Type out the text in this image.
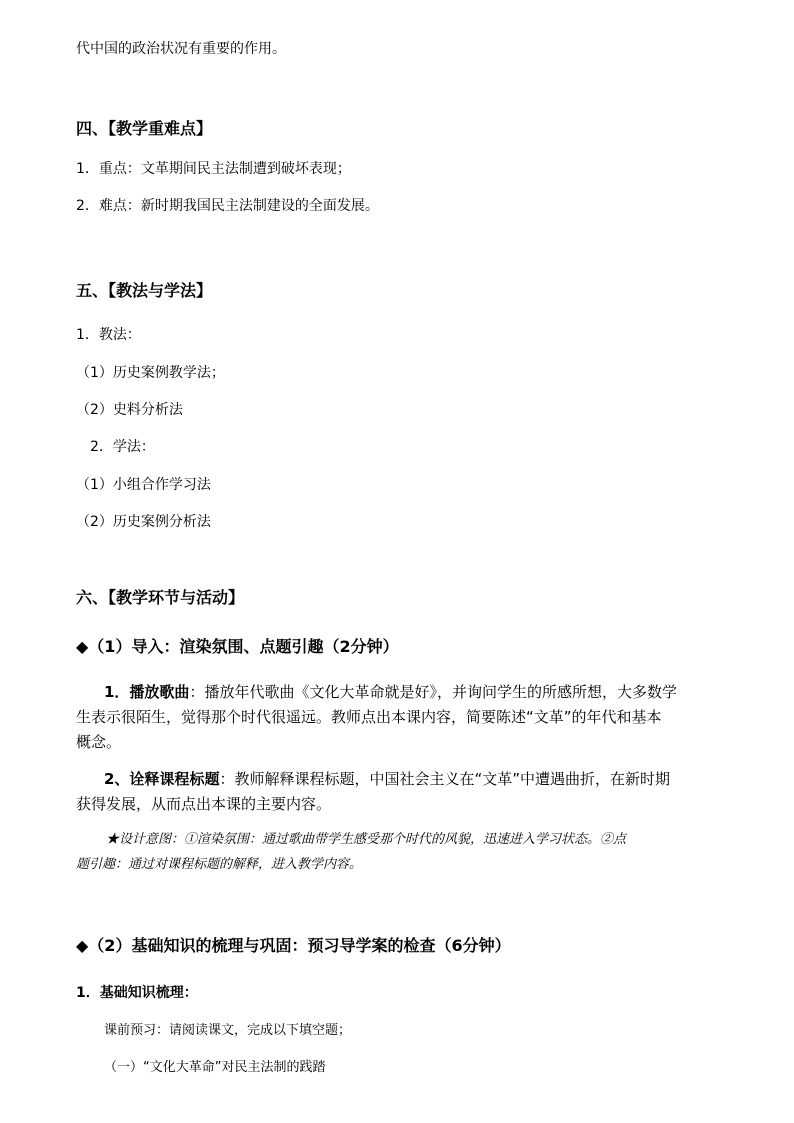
代中国的政治状况有重要的作用。
四、【教学重难点】
1．重点：文革期间民主法制遭到破坏表现；
2．难点：新时期我国民主法制建设的全面发展。
五、【教法与学法】
1．教法：
（1）历史案例教学法；
（2）史料分析法
2．学法：
（1）小组合作学习法
（2）历史案例分析法
六、【教学环节与活动】
◆（1）导入：渲染氛围、点题引趣（2分钟）
1．播放歌曲：播放年代歌曲《文化大革命就是好》，并询问学生的所感所想，大多数学
生表示很陌生，觉得那个时代很遥远。教师点出本课内容，简要陈述“文革”的年代和基本
概念。
2、诠释课程标题：教师解释课程标题，中国社会主义在“文革”中遭遇曲折，在新时期
获得发展，从而点出本课的主要内容。
★设计意图：①渲染氛围：通过歌曲带学生感受那个时代的风貌，迅速进入学习状态。②点
题引趣：通过对课程标题的解释，进入教学内容。
◆（2）基础知识的梳理与巩固：预习导学案的检查（6分钟）
1．基础知识梳理：
课前预习：请阅读课文，完成以下填空题；
（一）“文化大革命”对民主法制的践踏
